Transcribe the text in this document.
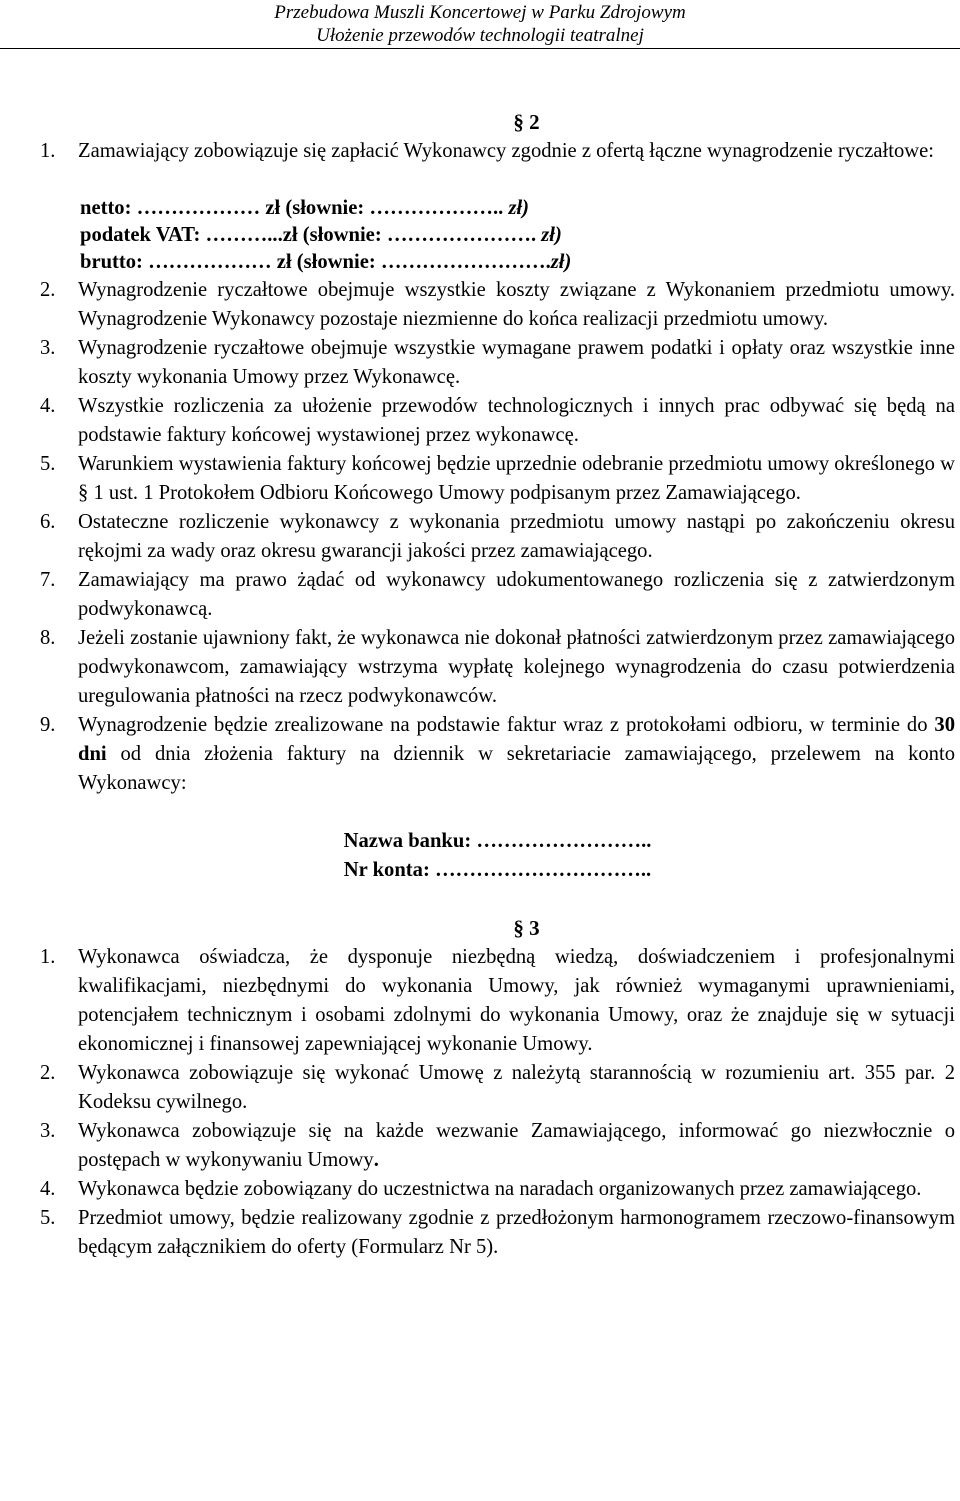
Przebudowa Muszli Koncertowej w Parku Zdrojowym
Ułożenie przewodów technologii teatralnej
§ 2
1.	Zamawiający zobowiązuje się zapłacić Wykonawcy zgodnie z ofertą łączne wynagrodzenie ryczałtowe:
netto: ……………… zł (słownie: ……………….. zł)
podatek VAT: ………...zł (słownie: …………………. zł)
brutto: ……………… zł (słownie: …………………….zł)
2.	Wynagrodzenie ryczałtowe obejmuje wszystkie koszty związane z Wykonaniem przedmiotu umowy. Wynagrodzenie Wykonawcy pozostaje niezmienne do końca realizacji przedmiotu umowy.
3.	Wynagrodzenie ryczałtowe obejmuje wszystkie wymagane prawem podatki i opłaty oraz wszystkie inne koszty wykonania Umowy przez Wykonawcę.
4.	Wszystkie rozliczenia za ułożenie przewodów technologicznych i innych prac odbywać się będą na podstawie faktury końcowej wystawionej przez wykonawcę.
5.	Warunkiem wystawienia faktury końcowej będzie uprzednie odebranie przedmiotu umowy określonego w § 1 ust. 1 Protokołem Odbioru Końcowego Umowy podpisanym przez Zamawiającego.
6.	Ostateczne rozliczenie wykonawcy z wykonania przedmiotu umowy nastąpi po zakończeniu okresu rękojmi za wady oraz okresu gwarancji jakości przez zamawiającego.
7.	Zamawiający ma prawo żądać od wykonawcy udokumentowanego rozliczenia się z zatwierdzonym podwykonawcą.
8.	Jeżeli zostanie ujawniony fakt, że wykonawca nie dokonał płatności zatwierdzonym przez zamawiającego podwykonawcom, zamawiający wstrzyma wypłatę kolejnego wynagrodzenia do czasu potwierdzenia uregulowania płatności na rzecz podwykonawców.
9.	Wynagrodzenie będzie zrealizowane na podstawie faktur wraz z protokołami odbioru, w terminie do 30 dni od dnia złożenia faktury na dziennik w sekretariacie zamawiającego, przelewem na konto Wykonawcy:
Nazwa banku: ……………………..
Nr konta: …………………………..
§ 3
1.	Wykonawca oświadcza, że dysponuje niezbędną wiedzą, doświadczeniem i profesjonalnymi kwalifikacjami, niezbędnymi do wykonania Umowy, jak również wymaganymi uprawnieniami, potencjałem technicznym i osobami zdolnymi do wykonania Umowy, oraz że znajduje się w sytuacji ekonomicznej i finansowej zapewniającej wykonanie Umowy.
2.	Wykonawca zobowiązuje się wykonać Umowę z należytą starannością w rozumieniu art. 355 par. 2 Kodeksu cywilnego.
3.	Wykonawca zobowiązuje się na każde wezwanie Zamawiającego, informować go niezwłocznie o postępach w wykonywaniu Umowy.
4.	Wykonawca będzie zobowiązany do uczestnictwa na naradach organizowanych przez zamawiającego.
5.	Przedmiot umowy, będzie realizowany zgodnie z przedłożonym harmonogramem rzeczowo-finansowym będącym załącznikiem do oferty (Formularz Nr 5).
